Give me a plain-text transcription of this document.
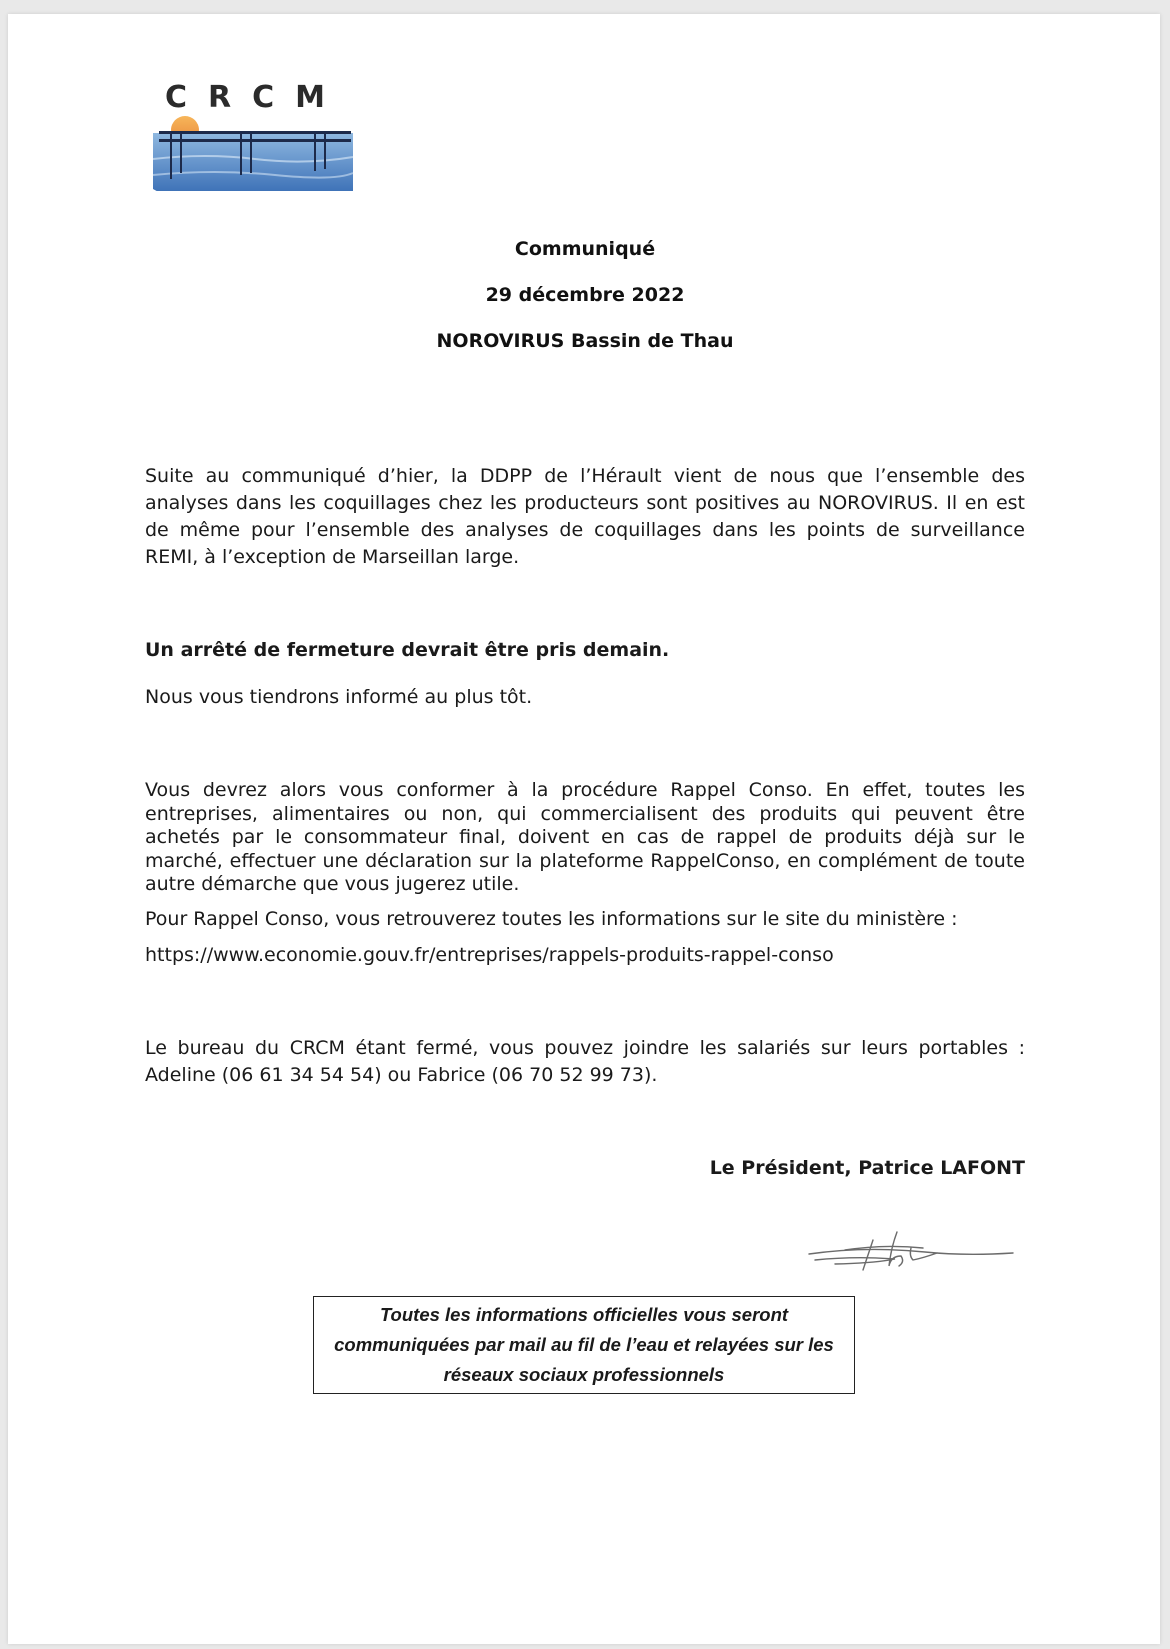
CRCM
Communiqué
29 décembre 2022
NOROVIRUS Bassin de Thau
Suite au communiqué d’hier, la DDPP de l’Hérault vient de nous que l’ensemble des analyses dans les coquillages chez les producteurs sont positives au NOROVIRUS. Il en est de même pour l’ensemble des analyses de coquillages dans les points de surveillance REMI, à l’exception de Marseillan large.
Un arrêté de fermeture devrait être pris demain.
Nous vous tiendrons informé au plus tôt.
Vous devrez alors vous conformer à la procédure Rappel Conso. En effet, toutes les entreprises, alimentaires ou non, qui commercialisent des produits qui peuvent être achetés par le consommateur final, doivent en cas de rappel de produits déjà sur le marché, effectuer une déclaration sur la plateforme RappelConso, en complément de toute autre démarche que vous jugerez utile.
Pour Rappel Conso, vous retrouverez toutes les informations sur le site du ministère :
https://www.economie.gouv.fr/entreprises/rappels-produits-rappel-conso
Le bureau du CRCM étant fermé, vous pouvez joindre les salariés sur leurs portables : Adeline (06 61 34 54 54) ou Fabrice (06 70 52 99 73).
Le Président, Patrice LAFONT
Toutes les informations officielles vous seront communiquées par mail au fil de l’eau et relayées sur les réseaux sociaux professionnels
